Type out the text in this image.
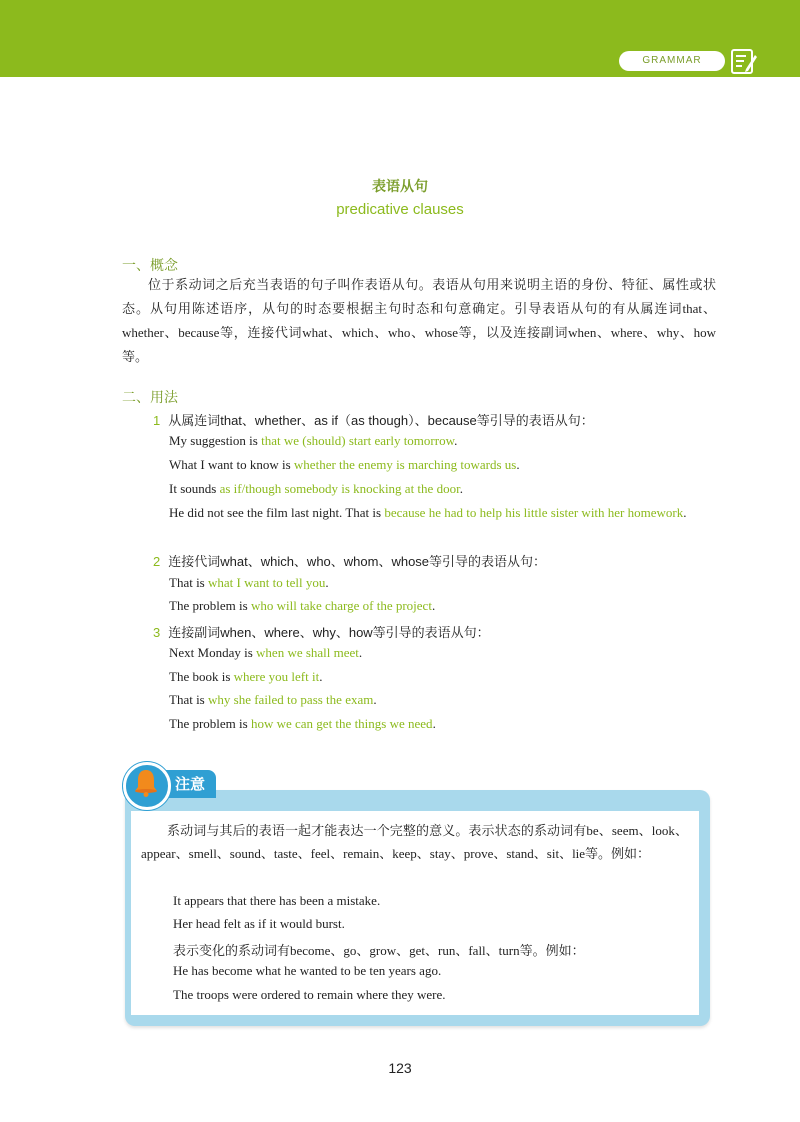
GRAMMAR
表语从句
predicative clauses
一、概念
位于系动词之后充当表语的句子叫作表语从句。表语从句用来说明主语的身份、特征、属性或状态。从句用陈述语序，从句的时态要根据主句时态和句意确定。引导表语从句的有从属连词that、whether、because等，连接代词what、which、who、whose等，以及连接副词when、where、why、how等。
二、用法
1 从属连词that、whether、as if（as though）、because等引导的表语从句：
My suggestion is that we (should) start early tomorrow.
What I want to know is whether the enemy is marching towards us.
It sounds as if/though somebody is knocking at the door.
He did not see the film last night. That is because he had to help his little sister with her homework.
2 连接代词what、which、who、whom、whose等引导的表语从句：
That is what I want to tell you.
The problem is who will take charge of the project.
3 连接副词when、where、why、how等引导的表语从句：
Next Monday is when we shall meet.
The book is where you left it.
That is why she failed to pass the exam.
The problem is how we can get the things we need.
注意
系动词与其后的表语一起才能表达一个完整的意义。表示状态的系动词有be、seem、look、 appear、smell、sound、taste、feel、remain、keep、stay、prove、stand、sit、lie等。例如：
It appears that there has been a mistake.
Her head felt as if it would burst.
表示变化的系动词有become、go、grow、get、run、fall、turn等。例如：
He has become what he wanted to be ten years ago.
The troops were ordered to remain where they were.
123
